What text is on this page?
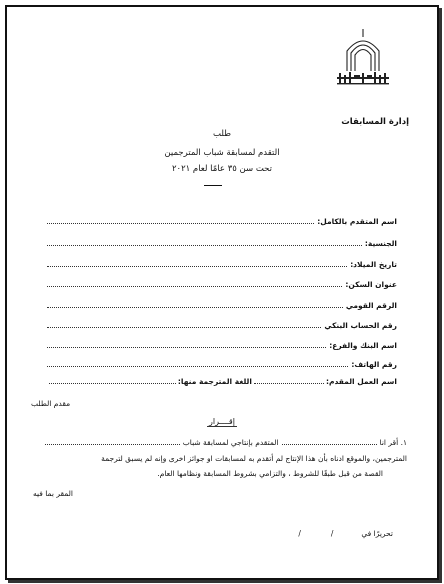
إدارة المسابقات
طلب
التقدم لمسابقة شباب المترجمين
تحت سن ٣٥ عامًا لعام ٢٠٢١
اسم المتقدم بالكامل:
الجنسية:
تاريخ الميلاد:
عنوان السكن:
الرقم القومي
رقم الحساب البنكي
اسم البنك والفرع:
رقم الهاتف:
اسم العمل المقدم:
اللغة المترجمة منها:
مقدم الطلب
إقــــرار
١. أقر انا
المتقدم بإنتاجي لمسابقة شباب
المترجمين، والموقع ادناه بأن هذا الإنتاج لم أتقدم به لمسابقات او جوائز اخرى وإنه لم يسبق لترجمة
القصة من قبل طبقًا للشروط ، والتزامي بشروط المسابقة ونظامها العام.
المقر بما فيه
تحريرًا في
/
/
